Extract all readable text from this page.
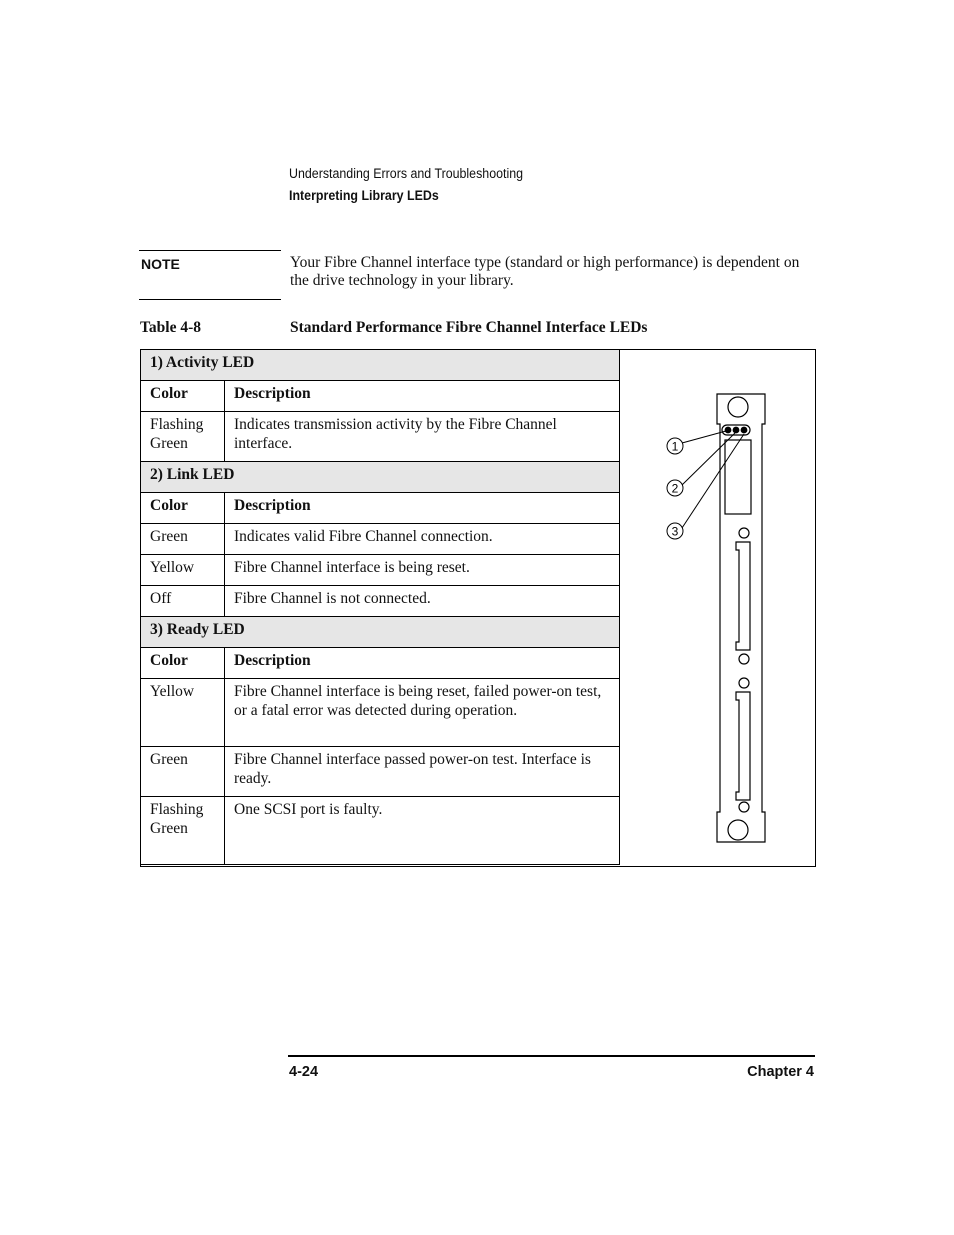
Understanding Errors and Troubleshooting
Interpreting Library LEDs
NOTE	Your Fibre Channel interface type (standard or high performance) is dependent on the drive technology in your library.
Table 4-8	Standard Performance Fibre Channel Interface LEDs
1) Activity LED	
Color	Description
Flashing Green	Indicates transmission activity by the Fibre Channel interface.
2) Link LED	
Color	Description
Green	Indicates valid Fibre Channel connection.
Yellow	Fibre Channel interface is being reset.
Off	Fibre Channel is not connected.
3) Ready LED	
Color	Description
Yellow	Fibre Channel interface is being reset, failed power-on test, or a fatal error was detected during operation.
Green	Fibre Channel interface passed power-on test. Interface is ready.
Flashing Green	One SCSI port is faulty.
1
2
3
4-24	Chapter 4
